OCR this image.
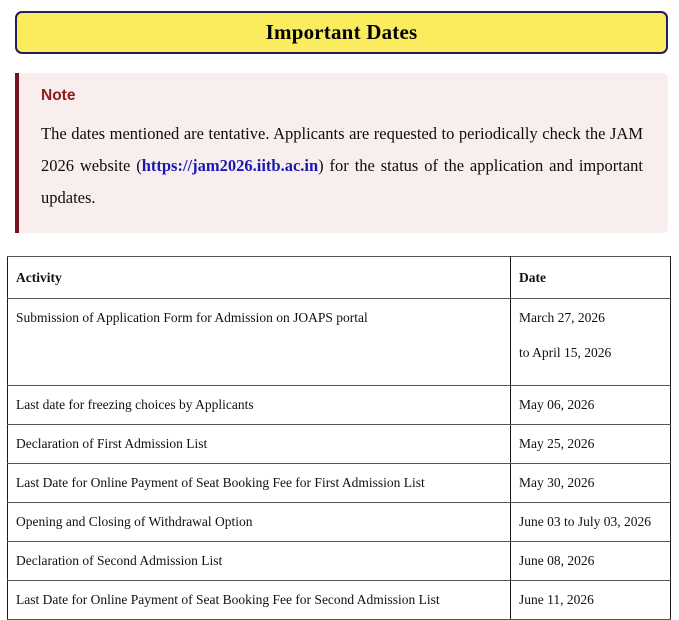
Important Dates
Note

The dates mentioned are tentative. Applicants are requested to periodically check the JAM 2026 website (https://jam2026.iitb.ac.in) for the status of the application and important updates.

Activity	Date
Submission of Application Form for Admission on JOAPS portal	March 27, 2026
to April 15, 2026

Last date for freezing choices by Applicants	May 06, 2026
Declaration of First Admission List	May 25, 2026
Last Date for Online Payment of Seat Booking Fee for First Admission List	May 30, 2026
Opening and Closing of Withdrawal Option	June 03 to July 03, 2026
Declaration of Second Admission List	June 08, 2026
Last Date for Online Payment of Seat Booking Fee for Second Admission List	June 11, 2026
